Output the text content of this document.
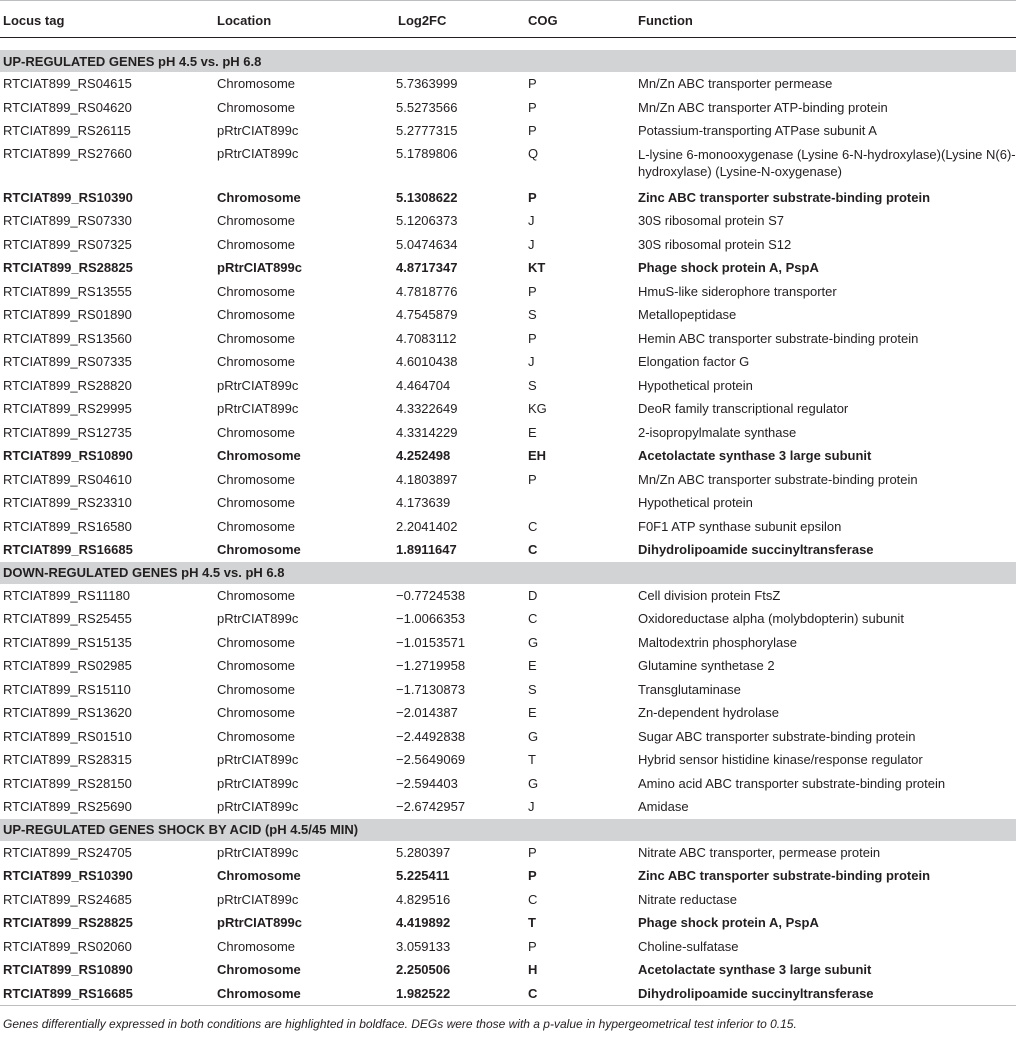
Locus tag	Location	Log2FC	COG	Function

UP-REGULATED GENES pH 4.5 vs. pH 6.8				
RTCIAT899_RS04615	Chromosome	5.7363999	P	Mn/Zn ABC transporter permease
RTCIAT899_RS04620	Chromosome	5.5273566	P	Mn/Zn ABC transporter ATP-binding protein
RTCIAT899_RS26115	pRtrCIAT899c	5.2777315	P	Potassium-transporting ATPase subunit A
RTCIAT899_RS27660	pRtrCIAT899c	5.1789806	Q	L-lysine 6-monooxygenase (Lysine 6-N-hydroxylase)(Lysine N(6)-hydroxylase) (Lysine-N-oxygenase)
RTCIAT899_RS10390	Chromosome	5.1308622	P	Zinc ABC transporter substrate-binding protein
RTCIAT899_RS07330	Chromosome	5.1206373	J	30S ribosomal protein S7
RTCIAT899_RS07325	Chromosome	5.0474634	J	30S ribosomal protein S12
RTCIAT899_RS28825	pRtrCIAT899c	4.8717347	KT	Phage shock protein A, PspA
RTCIAT899_RS13555	Chromosome	4.7818776	P	HmuS-like siderophore transporter
RTCIAT899_RS01890	Chromosome	4.7545879	S	Metallopeptidase
RTCIAT899_RS13560	Chromosome	4.7083112	P	Hemin ABC transporter substrate-binding protein
RTCIAT899_RS07335	Chromosome	4.6010438	J	Elongation factor G
RTCIAT899_RS28820	pRtrCIAT899c	4.464704	S	Hypothetical protein
RTCIAT899_RS29995	pRtrCIAT899c	4.3322649	KG	DeoR family transcriptional regulator
RTCIAT899_RS12735	Chromosome	4.3314229	E	2-isopropylmalate synthase
RTCIAT899_RS10890	Chromosome	4.252498	EH	Acetolactate synthase 3 large subunit
RTCIAT899_RS04610	Chromosome	4.1803897	P	Mn/Zn ABC transporter substrate-binding protein
RTCIAT899_RS23310	Chromosome	4.173639		Hypothetical protein
RTCIAT899_RS16580	Chromosome	2.2041402	C	F0F1 ATP synthase subunit epsilon
RTCIAT899_RS16685	Chromosome	1.8911647	C	Dihydrolipoamide succinyltransferase
DOWN-REGULATED GENES pH 4.5 vs. pH 6.8				
RTCIAT899_RS11180	Chromosome	−0.7724538	D	Cell division protein FtsZ
RTCIAT899_RS25455	pRtrCIAT899c	−1.0066353	C	Oxidoreductase alpha (molybdopterin) subunit
RTCIAT899_RS15135	Chromosome	−1.0153571	G	Maltodextrin phosphorylase
RTCIAT899_RS02985	Chromosome	−1.2719958	E	Glutamine synthetase 2
RTCIAT899_RS15110	Chromosome	−1.7130873	S	Transglutaminase
RTCIAT899_RS13620	Chromosome	−2.014387	E	Zn-dependent hydrolase
RTCIAT899_RS01510	Chromosome	−2.4492838	G	Sugar ABC transporter substrate-binding protein
RTCIAT899_RS28315	pRtrCIAT899c	−2.5649069	T	Hybrid sensor histidine kinase/response regulator
RTCIAT899_RS28150	pRtrCIAT899c	−2.594403	G	Amino acid ABC transporter substrate-binding protein
RTCIAT899_RS25690	pRtrCIAT899c	−2.6742957	J	Amidase
UP-REGULATED GENES SHOCK BY ACID (pH 4.5/45 MIN)				
RTCIAT899_RS24705	pRtrCIAT899c	5.280397	P	Nitrate ABC transporter, permease protein
RTCIAT899_RS10390	Chromosome	5.225411	P	Zinc ABC transporter substrate-binding protein
RTCIAT899_RS24685	pRtrCIAT899c	4.829516	C	Nitrate reductase
RTCIAT899_RS28825	pRtrCIAT899c	4.419892	T	Phage shock protein A, PspA
RTCIAT899_RS02060	Chromosome	3.059133	P	Choline-sulfatase
RTCIAT899_RS10890	Chromosome	2.250506	H	Acetolactate synthase 3 large subunit
RTCIAT899_RS16685	Chromosome	1.982522	C	Dihydrolipoamide succinyltransferase

Genes differentially expressed in both conditions are highlighted in boldface. DEGs were those with a p-value in hypergeometrical test inferior to 0.15.
